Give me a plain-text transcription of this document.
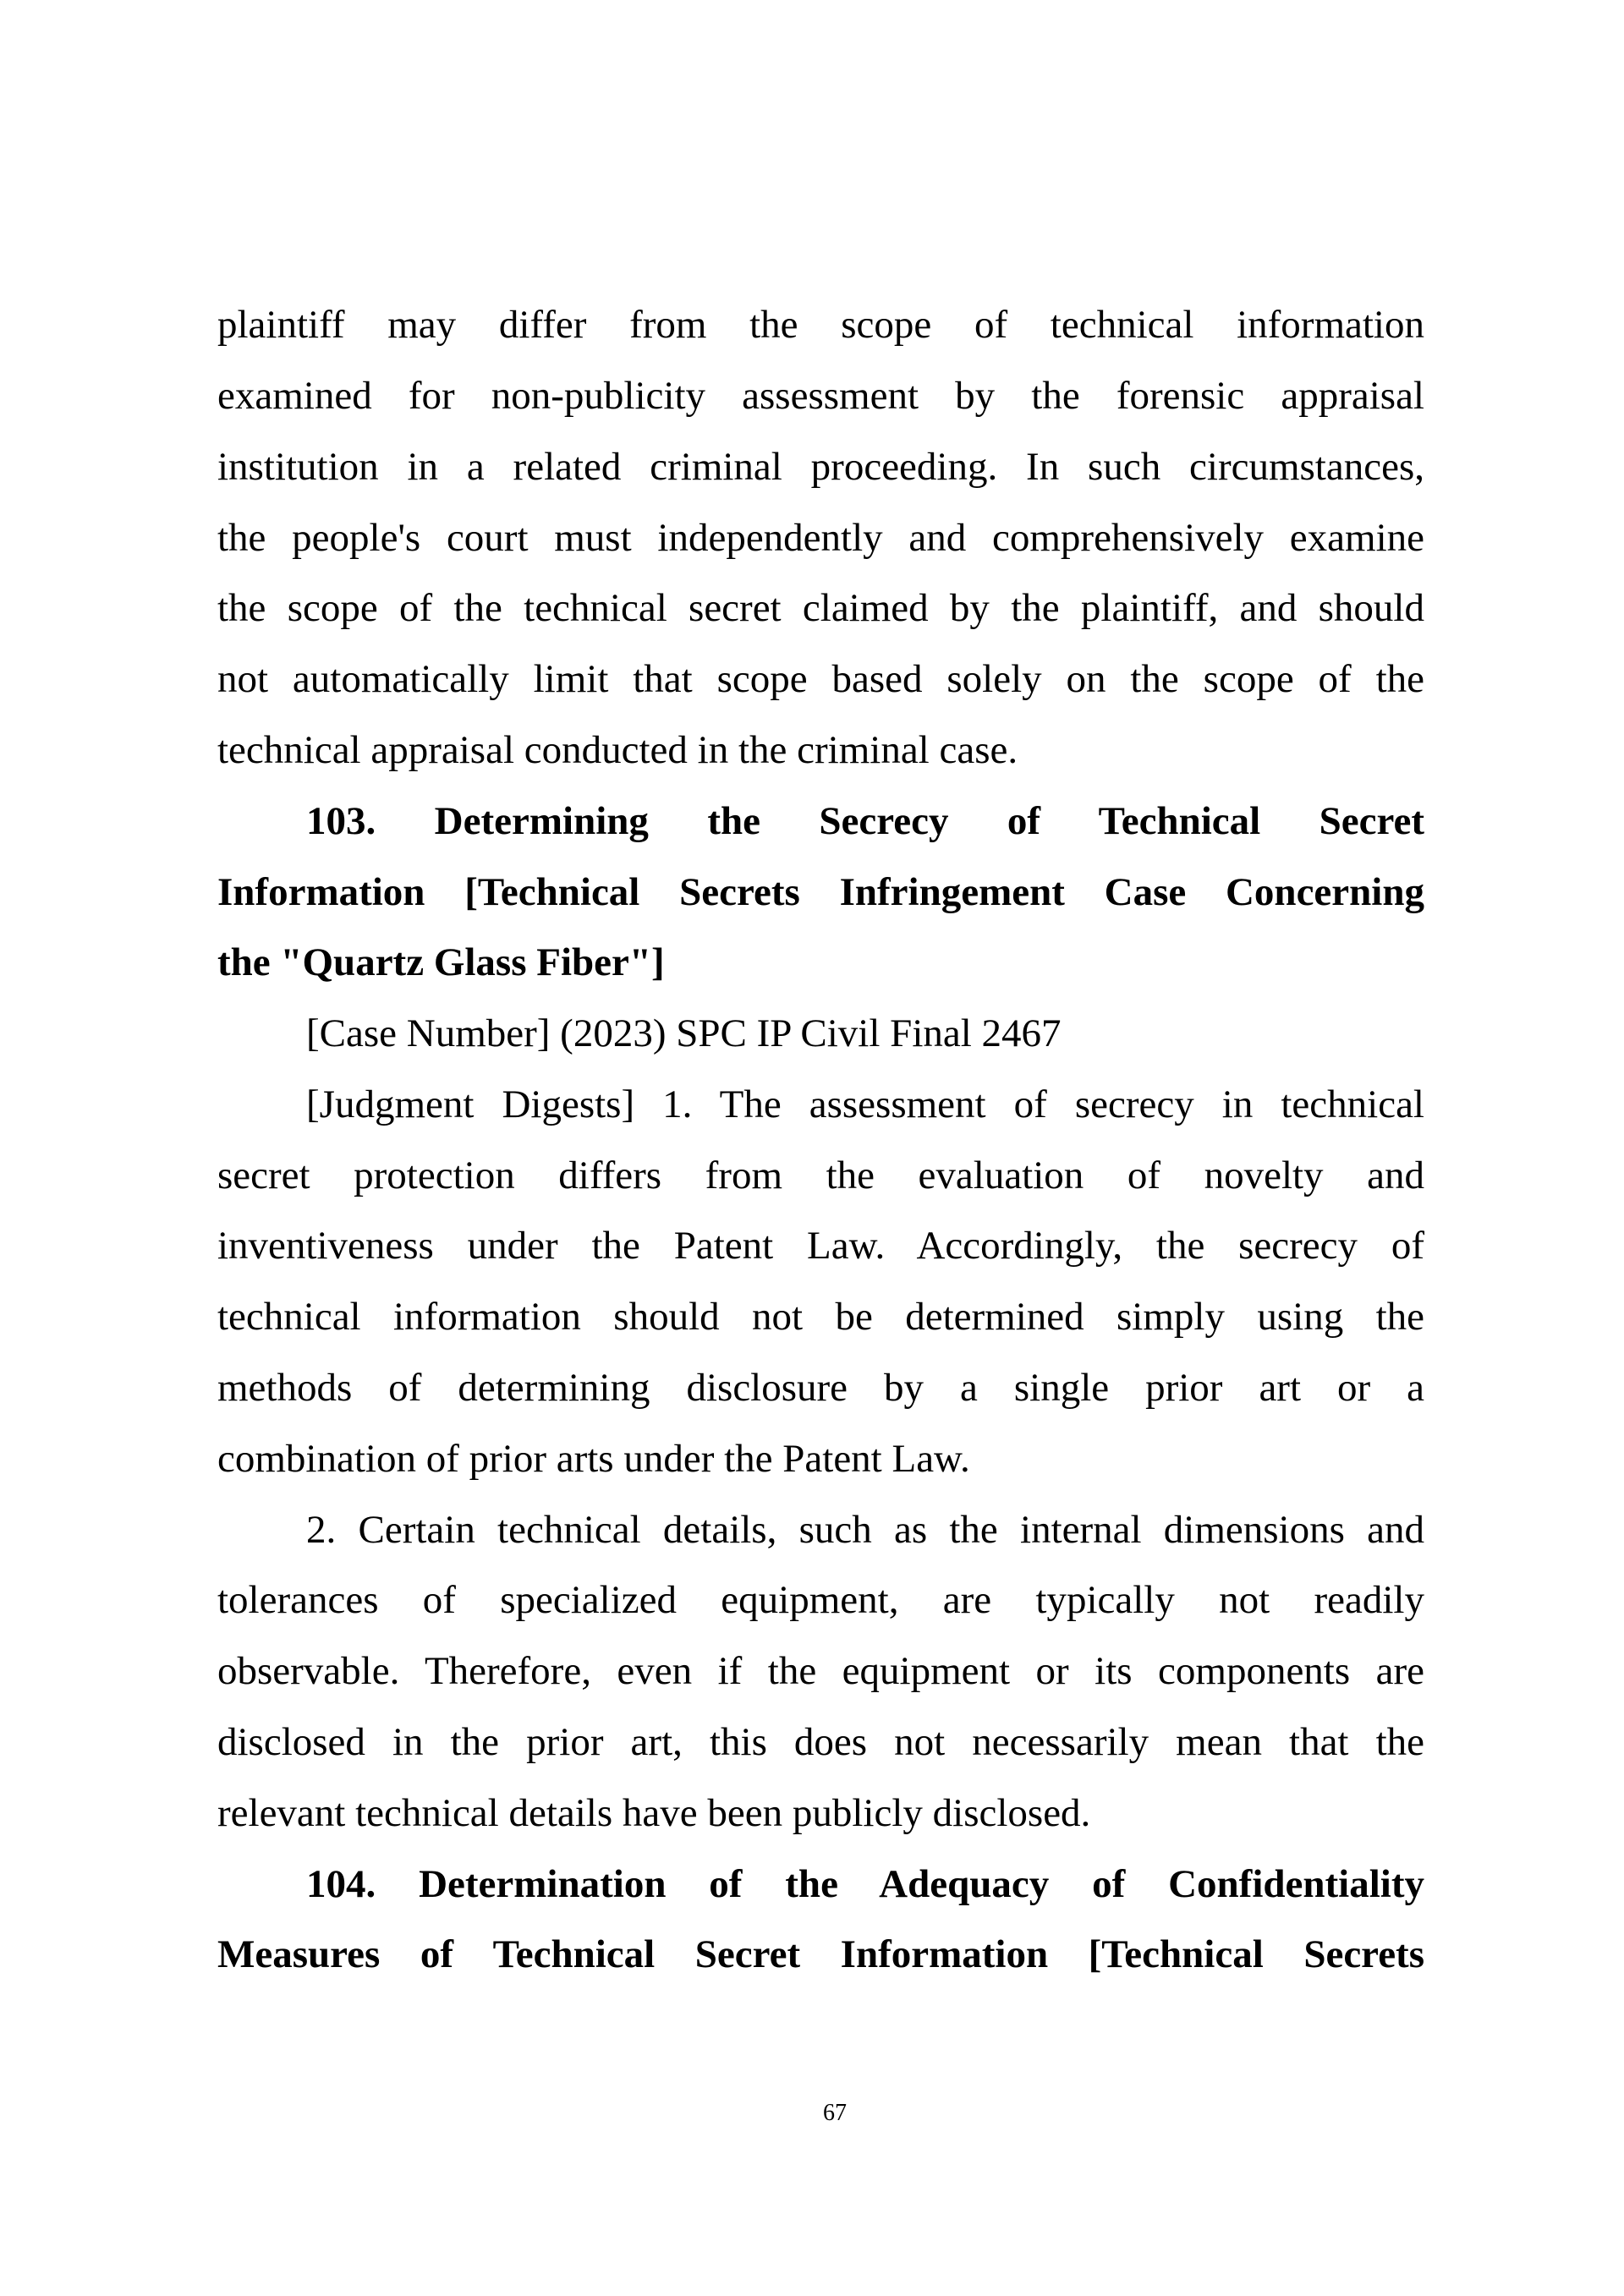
plaintiff may differ from the scope of technical information
examined for non-publicity assessment by the forensic appraisal
institution in a related criminal proceeding. In such circumstances,
the people's court must independently and comprehensively examine
the scope of the technical secret claimed by the plaintiff, and should
not automatically limit that scope based solely on the scope of the
technical appraisal conducted in the criminal case.
103. Determining the Secrecy of Technical Secret
Information [Technical Secrets Infringement Case Concerning
the "Quartz Glass Fiber"]
[Case Number] (2023) SPC IP Civil Final 2467
[Judgment Digests] 1. The assessment of secrecy in technical
secret protection differs from the evaluation of novelty and
inventiveness under the Patent Law. Accordingly, the secrecy of
technical information should not be determined simply using the
methods of determining disclosure by a single prior art or a
combination of prior arts under the Patent Law.
2. Certain technical details, such as the internal dimensions and
tolerances of specialized equipment, are typically not readily
observable. Therefore, even if the equipment or its components are
disclosed in the prior art, this does not necessarily mean that the
relevant technical details have been publicly disclosed.
104. Determination of the Adequacy of Confidentiality
Measures of Technical Secret Information [Technical Secrets
67
